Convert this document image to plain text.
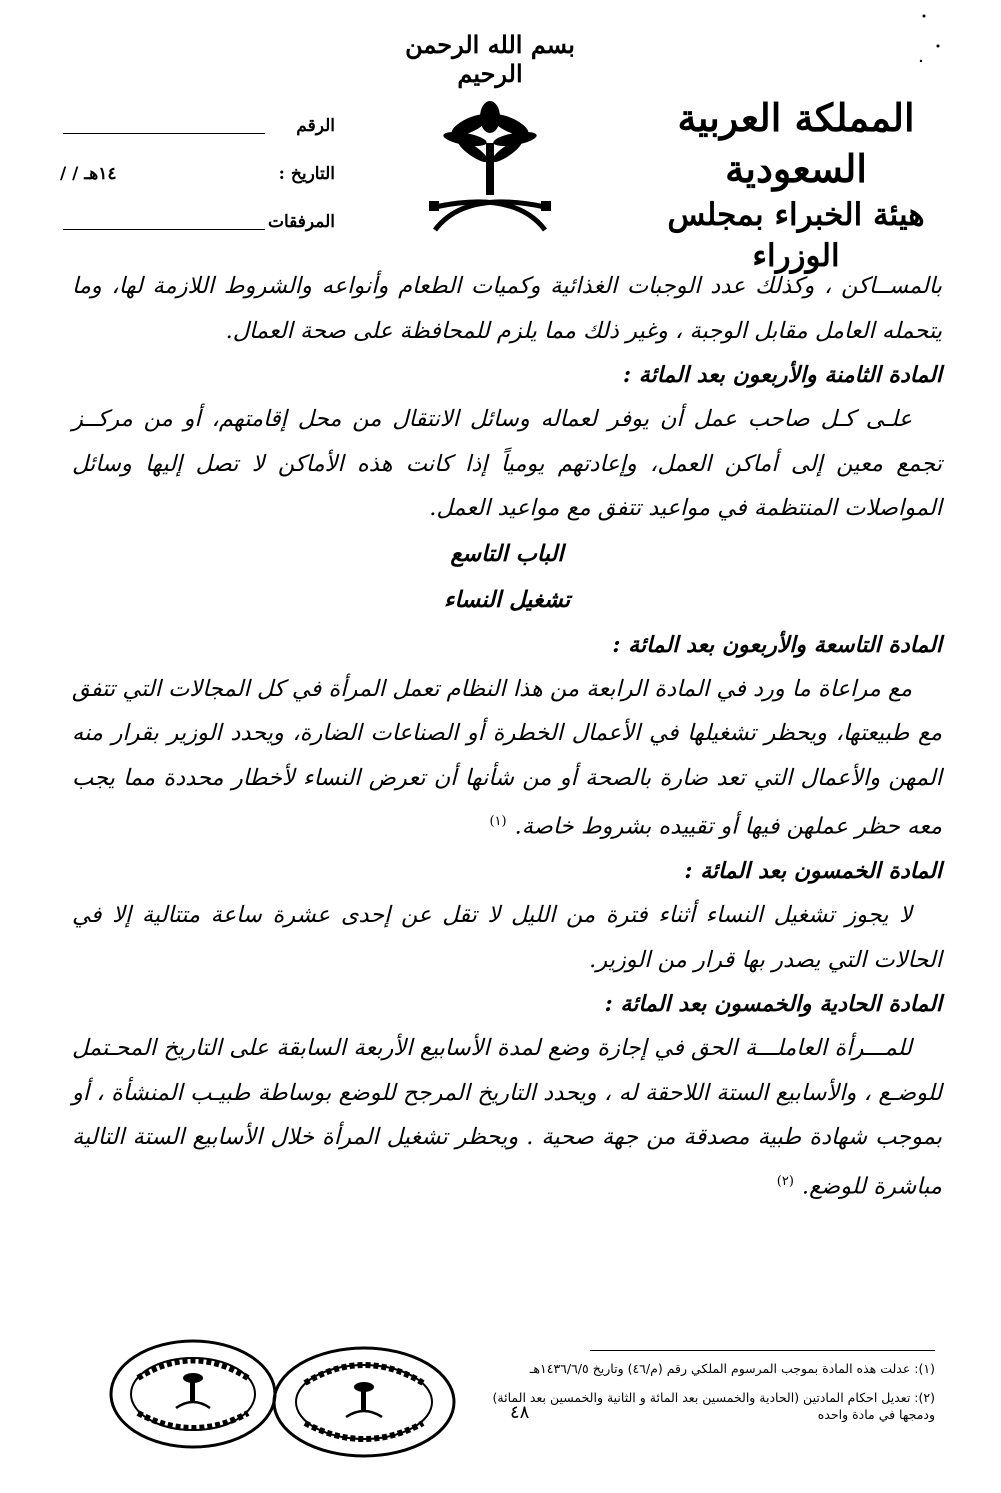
بسم الله الرحمن الرحيم
المملكة العربية السعودية
هيئة الخبراء بمجلس الوزراء
الرقم
التاريخ :
/ / ١٤هـ
المرفقات

بالمســاكن ، وكذلك عدد الوجبات الغذائية وكميات الطعام وأنواعه والشروط اللازمة لها، وما يتحمله العامل مقابل الوجبة ، وغير ذلك مما يلزم للمحافظة على صحة العمال.

المادة الثامنة والأربعون بعد المائة :

علـى كـل صاحب عمل أن يوفر لعماله وسائل الانتقال من محل إقامتهم، أو من مركــز تجمع معين إلى أماكن العمل، وإعادتهم يومياً إذا كانت هذه الأماكن لا تصل إليها وسائل المواصلات المنتظمة في مواعيد تتفق مع مواعيد العمل.

الباب التاسع

تشغيل النساء

المادة التاسعة والأربعون بعد المائة :

مع مراعاة ما ورد في المادة الرابعة من هذا النظام تعمل المرأة في كل المجالات التي تتفق مع طبيعتها، ويحظر تشغيلها في الأعمال الخطرة أو الصناعات الضارة، ويحدد الوزير بقرار منه المهن والأعمال التي تعد ضارة بالصحة أو من شأنها أن تعرض النساء لأخطار محددة مما يجب معه حظر عملهن فيها أو تقييده بشروط خاصة.$^{(١)}$

المادة الخمسون بعد المائة :

لا يجوز تشغيل النساء أثناء فترة من الليل لا تقل عن إحدى عشرة ساعة متتالية إلا في الحالات التي يصدر بها قرار من الوزير.

المادة الحادية والخمسون بعد المائة :

للمـــرأة العاملـــة الحق في إجازة وضع لمدة الأسابيع الأربعة السابقة على التاريخ المحـتمل للوضـع ، والأسابيع الستة اللاحقة له ، ويحدد التاريخ المرجح للوضع بوساطة طبيـب المنشأة ، أو بموجب شهادة طبية مصدقة من جهة صحية . ويحظر تشغيل المرأة خلال الأسابيع الستة التالية مباشرة للوضع.$^{(٢)}$

(١): عدلت هذه المادة بموجب المرسوم الملكي رقم (م/٤٦) وتاريخ ١٤٣٦/٦/٥هـ

(٢): تعديل احكام المادتين (الحادية والخمسين بعد المائة و الثانية والخمسين بعد المائة) ودمجها في مادة واحده

٤٨
